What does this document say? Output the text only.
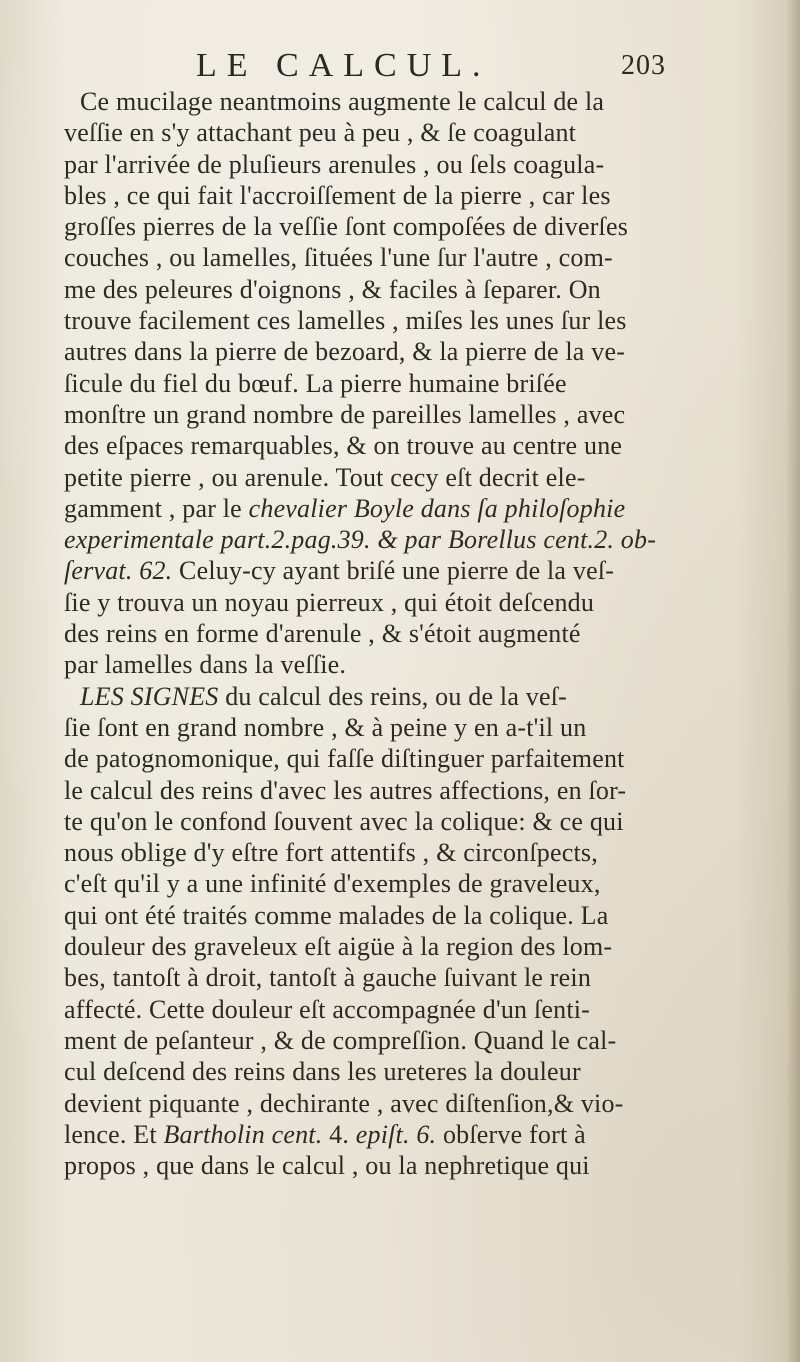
LE CALCUL.	203
Ce mucilage neantmoins augmente le calcul de la
veſſie en s'y attachant peu à peu , & ſe coagulant
par l'arrivée de pluſieurs arenules , ou ſels coagula-
bles , ce qui fait l'accroiſſement de la pierre , car les
groſſes pierres de la veſſie ſont compoſées de diverſes
couches , ou lamelles, ſituées l'une ſur l'autre , com-
me des peleures d'oignons , & faciles à ſeparer. On
trouve facilement ces lamelles , miſes les unes ſur les
autres dans la pierre de bezoard, & la pierre de la ve-
ſicule du fiel du bœuf. La pierre humaine briſée
monſtre un grand nombre de pareilles lamelles , avec
des eſpaces remarquables, & on trouve au centre une
petite pierre , ou arenule. Tout cecy eſt decrit ele-
gamment , par le chevalier Boyle dans ſa philoſophie
experimentale part.2.pag.39. & par Borellus cent.2. ob-
ſervat. 62. Celuy-cy ayant briſé une pierre de la veſ-
ſie y trouva un noyau pierreux , qui étoit deſcendu
des reins en forme d'arenule , & s'étoit augmenté
par lamelles dans la veſſie.
LES SIGNES du calcul des reins, ou de la veſ-
ſie ſont en grand nombre , & à peine y en a-t'il un
de patognomonique, qui faſſe diſtinguer parfaitement
le calcul des reins d'avec les autres affections, en ſor-
te qu'on le confond ſouvent avec la colique: & ce qui
nous oblige d'y eſtre fort attentifs , & circonſpects,
c'eſt qu'il y a une infinité d'exemples de graveleux,
qui ont été traités comme malades de la colique. La
douleur des graveleux eſt aigüe à la region des lom-
bes, tantoſt à droit, tantoſt à gauche ſuivant le rein
affecté. Cette douleur eſt accompagnée d'un ſenti-
ment de peſanteur , & de compreſſion. Quand le cal-
cul deſcend des reins dans les ureteres la douleur
devient piquante , dechirante , avec diſtenſion,& vio-
lence. Et Bartholin cent. 4. epiſt. 6. obſerve fort à
propos , que dans le calcul , ou la nephretique qui
